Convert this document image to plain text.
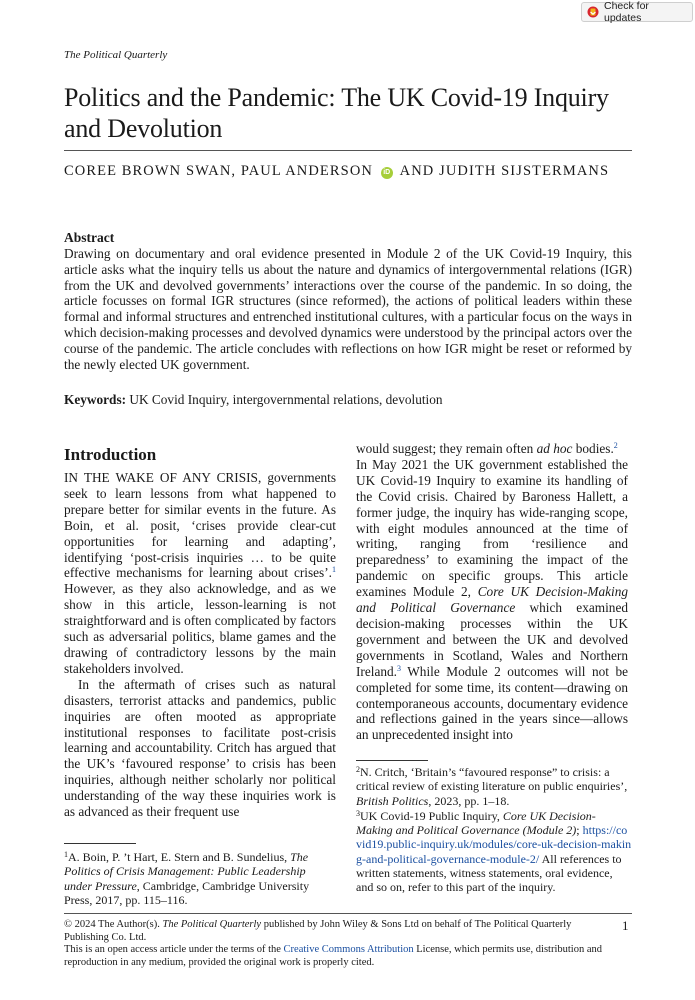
Check for updates
The Political Quarterly
Politics and the Pandemic: The UK Covid-19 Inquiry and Devolution
COREE BROWN SWAN, PAUL ANDERSON iD AND JUDITH SIJSTERMANS
Abstract

Drawing on documentary and oral evidence presented in Module 2 of the UK Covid-19 Inquiry, this article asks what the inquiry tells us about the nature and dynamics of intergovernmental relations (IGR) from the UK and devolved governments’ interactions over the course of the pandemic. In so doing, the article focusses on formal IGR structures (since reformed), the actions of political leaders within these formal and informal structures and entrenched institutional cultures, with a particular focus on the ways in which decision-making processes and devolved dynamics were understood by the principal actors over the course of the pandemic. The article concludes with reflections on how IGR might be reset or reformed by the newly elected UK government.

Keywords: UK Covid Inquiry, intergovernmental relations, devolution
Introduction

IN THE WAKE OF ANY CRISIS, governments seek to learn lessons from what happened to prepare better for similar events in the future. As Boin, et al. posit, ‘crises provide clear-cut opportunities for learning and adapting’, identifying ‘post-crisis inquiries … to be quite effective mechanisms for learning about crises’.$^1$ However, as they also acknowledge, and as we show in this article, lesson-learning is not straightforward and is often complicated by factors such as adversarial politics, blame games and the drawing of contradictory lessons by the main stakeholders involved.

In the aftermath of crises such as natural disasters, terrorist attacks and pandemics, public inquiries are often mooted as appropriate institutional responses to facilitate post-crisis learning and accountability. Critch has argued that the UK’s ‘favoured response’ to crisis has been inquiries, although neither scholarly nor political understanding of the way these inquiries work is as advanced as their frequent use

would suggest; they remain often ad hoc bodies.$^2$

In May 2021 the UK government established the UK Covid-19 Inquiry to examine its handling of the Covid crisis. Chaired by Baroness Hallett, a former judge, the inquiry has wide-ranging scope, with eight modules announced at the time of writing, ranging from ‘resilience and preparedness’ to examining the impact of the pandemic on specific groups. This article examines Module 2, Core UK Decision-Making and Political Governance which examined decision-making processes within the UK government and between the UK and devolved governments in Scotland, Wales and Northern Ireland.$^3$ While Module 2 outcomes will not be completed for some time, its content—drawing on contemporaneous accounts, documentary evidence and reflections gained in the years since—allows an unprecedented insight into

$^2$N. Critch, ‘Britain’s “favoured response” to crisis: a critical review of existing literature on public enquiries’, British Politics, 2023, pp. 1–18.
$^3$UK Covid-19 Public Inquiry, Core UK Decision-Making and Political Governance (Module 2); https://covid19.public-inquiry.uk/modules/core-uk-decision-making-and-political-governance-module-2/ All references to written statements, witness statements, oral evidence, and so on, refer to this part of the inquiry.
$^1$A. Boin, P. ’t Hart, E. Stern and B. Sundelius, The Politics of Crisis Management: Public Leadership under Pressure, Cambridge, Cambridge University Press, 2017, pp. 115–116.
© 2024 The Author(s). The Political Quarterly published by John Wiley & Sons Ltd on behalf of The Political Quarterly Publishing Co. Ltd.
1
This is an open access article under the terms of the Creative Commons Attribution License, which permits use, distribution and reproduction in any medium, provided the original work is properly cited.
